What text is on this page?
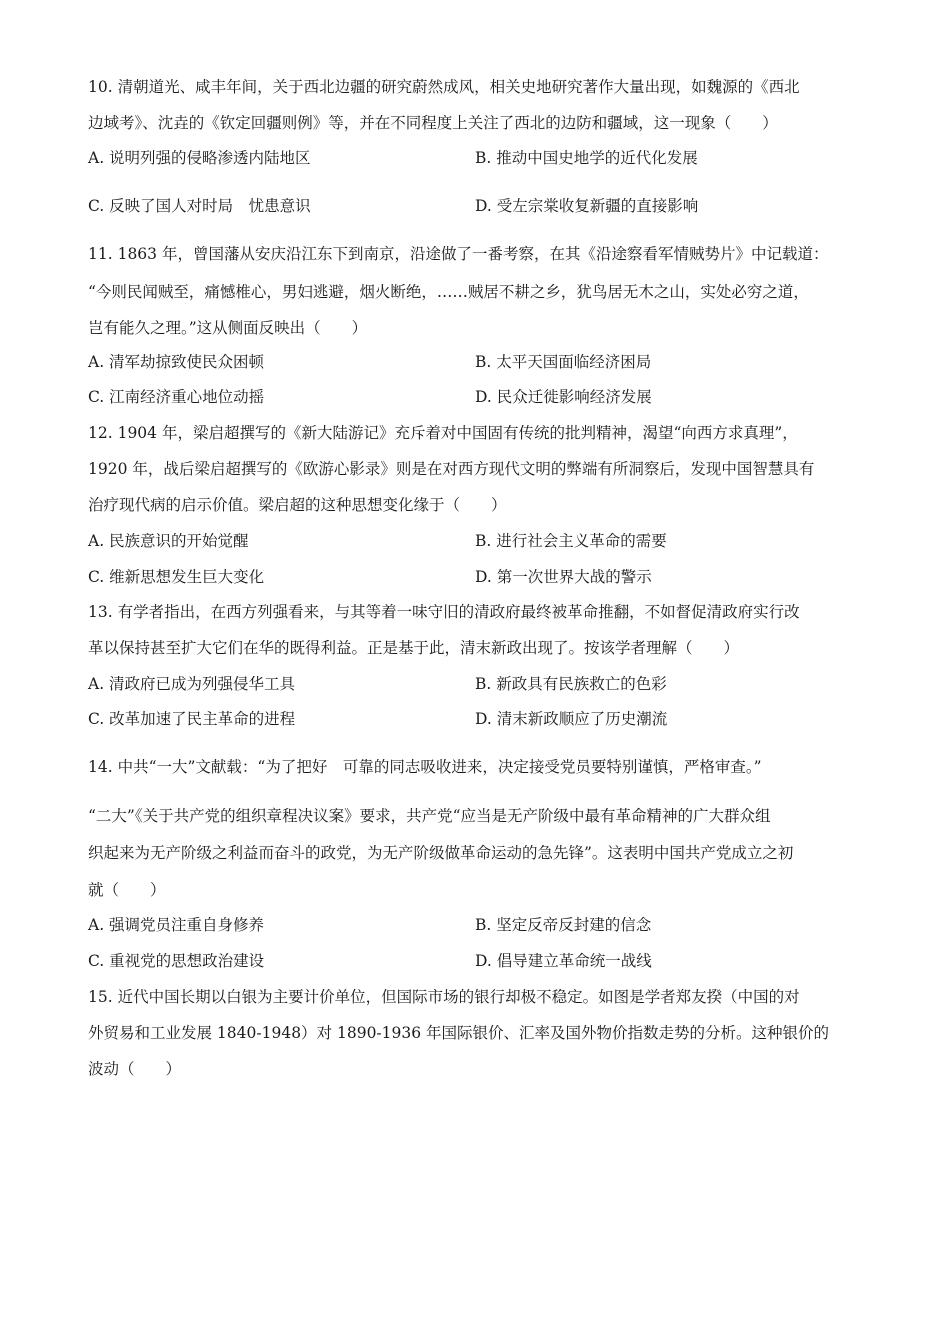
10. 清朝道光、咸丰年间，关于西北边疆的研究蔚然成风，相关史地研究著作大量出现，如魏源的《西北
边域考》、沈垚的《钦定回疆则例》等，并在不同程度上关注了西北的边防和疆域，这一现象（　　）
A. 说明列强的侵略渗透内陆地区	B. 推动中国史地学的近代化发展
C. 反映了国人对时局　忧患意识	D. 受左宗棠收复新疆的直接影响
11. 1863 年，曾国藩从安庆沿江东下到南京，沿途做了一番考察，在其《沿途察看军情贼势片》中记载道：
“今则民闻贼至，痛憾椎心，男妇逃避，烟火断绝，……贼居不耕之乡，犹鸟居无木之山，实处必穷之道，
岂有能久之理。”这从侧面反映出（　　）
A. 清军劫掠致使民众困顿	B. 太平天国面临经济困局
C. 江南经济重心地位动摇	D. 民众迁徙影响经济发展
12. 1904 年，梁启超撰写的《新大陆游记》充斥着对中国固有传统的批判精神，渴望“向西方求真理”，
1920 年，战后梁启超撰写的《欧游心影录》则是在对西方现代文明的弊端有所洞察后，发现中国智慧具有
治疗现代病的启示价值。梁启超的这种思想变化缘于（　　）
A. 民族意识的开始觉醒	B. 进行社会主义革命的需要
C. 维新思想发生巨大变化	D. 第一次世界大战的警示
13. 有学者指出，在西方列强看来，与其等着一味守旧的清政府最终被革命推翻，不如督促清政府实行改
革以保持甚至扩大它们在华的既得利益。正是基于此，清末新政出现了。按该学者理解（　　）
A. 清政府已成为列强侵华工具	B. 新政具有民族救亡的色彩
C. 改革加速了民主革命的进程	D. 清末新政顺应了历史潮流
14. 中共“一大”文献载：“为了把好　可靠的同志吸收进来，决定接受党员要特别谨慎，严格审查。”
“二大”《关于共产党的组织章程决议案》要求，共产党“应当是无产阶级中最有革命精神的广大群众组
织起来为无产阶级之利益而奋斗的政党，为无产阶级做革命运动的急先锋”。这表明中国共产党成立之初
就（　　）
A. 强调党员注重自身修养	B. 坚定反帝反封建的信念
C. 重视党的思想政治建设	D. 倡导建立革命统一战线
15. 近代中国长期以白银为主要计价单位，但国际市场的银行却极不稳定。如图是学者郑友揆（中国的对
外贸易和工业发展 1840-1948）对 1890-1936 年国际银价、汇率及国外物价指数走势的分析。这种银价的
波动（　　）
